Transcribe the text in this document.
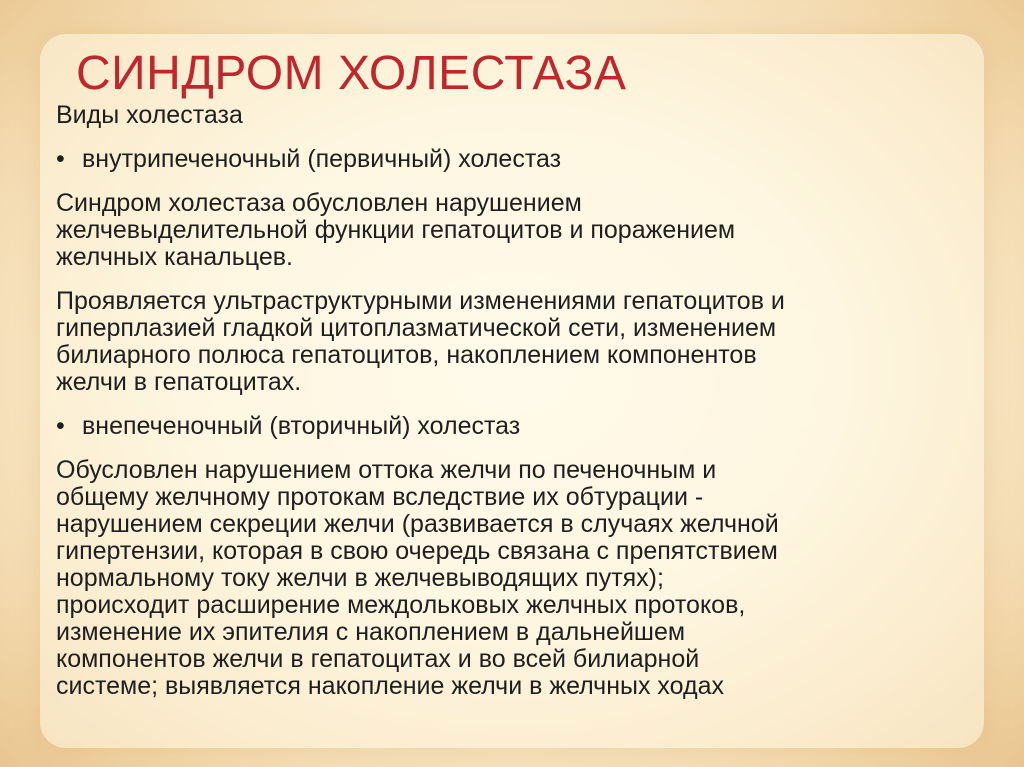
СИНДРОМ ХОЛЕСТАЗА

Виды холестаза

• внутрипеченочный (первичный) холестаз

Синдром холестаза обусловлен нарушением
желчевыделительной функции гепатоцитов и поражением
желчных канальцев.

Проявляется ультраструктурными изменениями гепатоцитов и
гиперплазией гладкой цитоплазматической сети, изменением
билиарного полюса гепатоцитов, накоплением компонентов
желчи в гепатоцитах.

• внепеченочный (вторичный) холестаз

Обусловлен нарушением оттока желчи по печеночным и
общему желчному протокам вследствие их обтурации -
нарушением секреции желчи (развивается в случаях желчной
гипертензии, которая в свою очередь связана с препятствием
нормальному току желчи в желчевыводящих путях);
происходит расширение междольковых желчных протоков,
изменение их эпителия с накоплением в дальнейшем
компонентов желчи в гепатоцитах и во всей билиарной
системе; выявляется накопление желчи в желчных ходах
